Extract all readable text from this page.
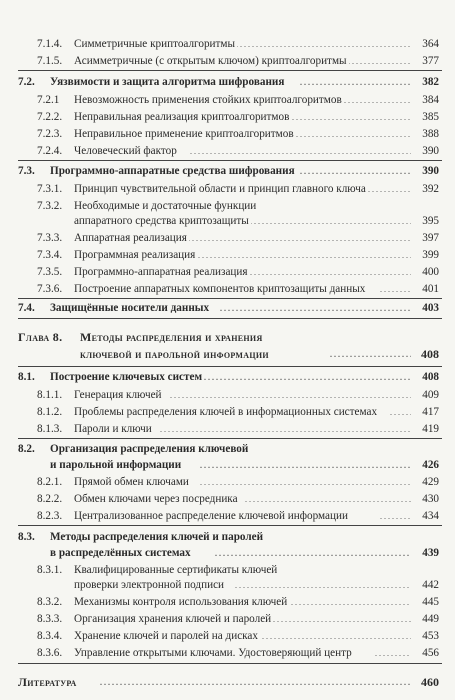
7.1.4. . . . Симметричные криптоалгоритмы	364
7.1.5. . . . Асимметричные (с открытым ключом) криптоалгоритмы	377
7.2. . . . Уязвимости и защита алгоритма шифрования	382
7.2.1 . . . Невозможность применения стойких криптоалгоритмов	384
7.2.2. . . . Неправильная реализация криптоалгоритмов	385
7.2.3. . . . Неправильное применение криптоалгоритмов	388
7.2.4. . . . Человеческий фактор	390
7.3. . . . Программно-аппаратные средства шифрования	390
7.3.1. . . . Принцип чувствительной области и принцип главного ключа	392
7.3.2. Необходимые и достаточные функции
. . .
аппаратного средства криптозащиты	395
7.3.3. . . . Аппаратная реализация	397
7.3.4. . . . Программная реализация	399
7.3.5. . . . Программно-аппаратная реализация	400
7.3.6. . . . Построение аппаратных компонентов криптозащиты данных	401
7.4. . . . Защищённые носители данных	403
Глава 8. Методы распределения и хранения
. . .
ключевой и парольной информации	408
8.1. . . . Построение ключевых систем	408
8.1.1. . . . Генерация ключей	409
8.1.2. . . . Проблемы распределения ключей в информационных системах	417
8.1.3. . . . Пароли и ключи	419
8.2. Организация распределения ключевой
. . .
и парольной информации	426
8.2.1. . . . Прямой обмен ключами	429
8.2.2. . . . Обмен ключами через посредника	430
8.2.3. . . . Централизованное распределение ключевой информации	434
8.3. Методы распределения ключей и паролей
. . .
в распределённых системах	439
8.3.1. Квалифицированные сертификаты ключей
. . .
проверки электронной подписи	442
8.3.2. . . . Механизмы контроля использования ключей	445
8.3.3. . . . Организация хранения ключей и паролей	449
8.3.4. . . . Хранение ключей и паролей на дисках	453
8.3.6. . . . Управление открытыми ключами. Удостоверяющий центр	456
. . .
Литература	460
